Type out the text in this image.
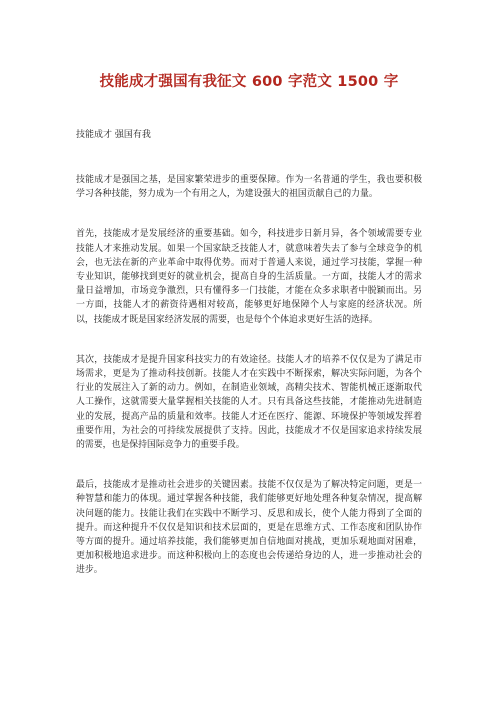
技能成才强国有我征文 600 字范文 1500 字
技能成才 强国有我

技能成才是强国之基，是国家繁荣进步的重要保障。作为一名普通的学生，我也要积极学习各种技能，努力成为一个有用之人，为建设强大的祖国贡献自己的力量。

首先，技能成才是发展经济的重要基础。如今，科技进步日新月异，各个领域需要专业技能人才来推动发展。如果一个国家缺乏技能人才，就意味着失去了参与全球竞争的机会，也无法在新的产业革命中取得优势。而对于普通人来说，通过学习技能，掌握一种专业知识，能够找到更好的就业机会，提高自身的生活质量。一方面，技能人才的需求量日益增加，市场竞争激烈，只有懂得多一门技能，才能在众多求职者中脱颖而出。另一方面，技能人才的薪资待遇相对较高，能够更好地保障个人与家庭的经济状况。所以，技能成才既是国家经济发展的需要，也是每个个体追求更好生活的选择。

其次，技能成才是提升国家科技实力的有效途径。技能人才的培养不仅仅是为了满足市场需求，更是为了推动科技创新。技能人才在实践中不断探索，解决实际问题，为各个行业的发展注入了新的动力。例如，在制造业领域，高精尖技术、智能机械正逐渐取代人工操作，这就需要大量掌握相关技能的人才。只有具备这些技能，才能推动先进制造业的发展，提高产品的质量和效率。技能人才还在医疗、能源、环境保护等领域发挥着重要作用，为社会的可持续发展提供了支持。因此，技能成才不仅是国家追求持续发展的需要，也是保持国际竞争力的重要手段。

最后，技能成才是推动社会进步的关键因素。技能不仅仅是为了解决特定问题，更是一种智慧和能力的体现。通过掌握各种技能，我们能够更好地处理各种复杂情况，提高解决问题的能力。技能让我们在实践中不断学习、反思和成长，使个人能力得到了全面的提升。而这种提升不仅仅是知识和技术层面的，更是在思维方式、工作态度和团队协作等方面的提升。通过培养技能，我们能够更加自信地面对挑战，更加乐观地面对困难，更加积极地追求进步。而这种积极向上的态度也会传递给身边的人，进一步推动社会的进步。
